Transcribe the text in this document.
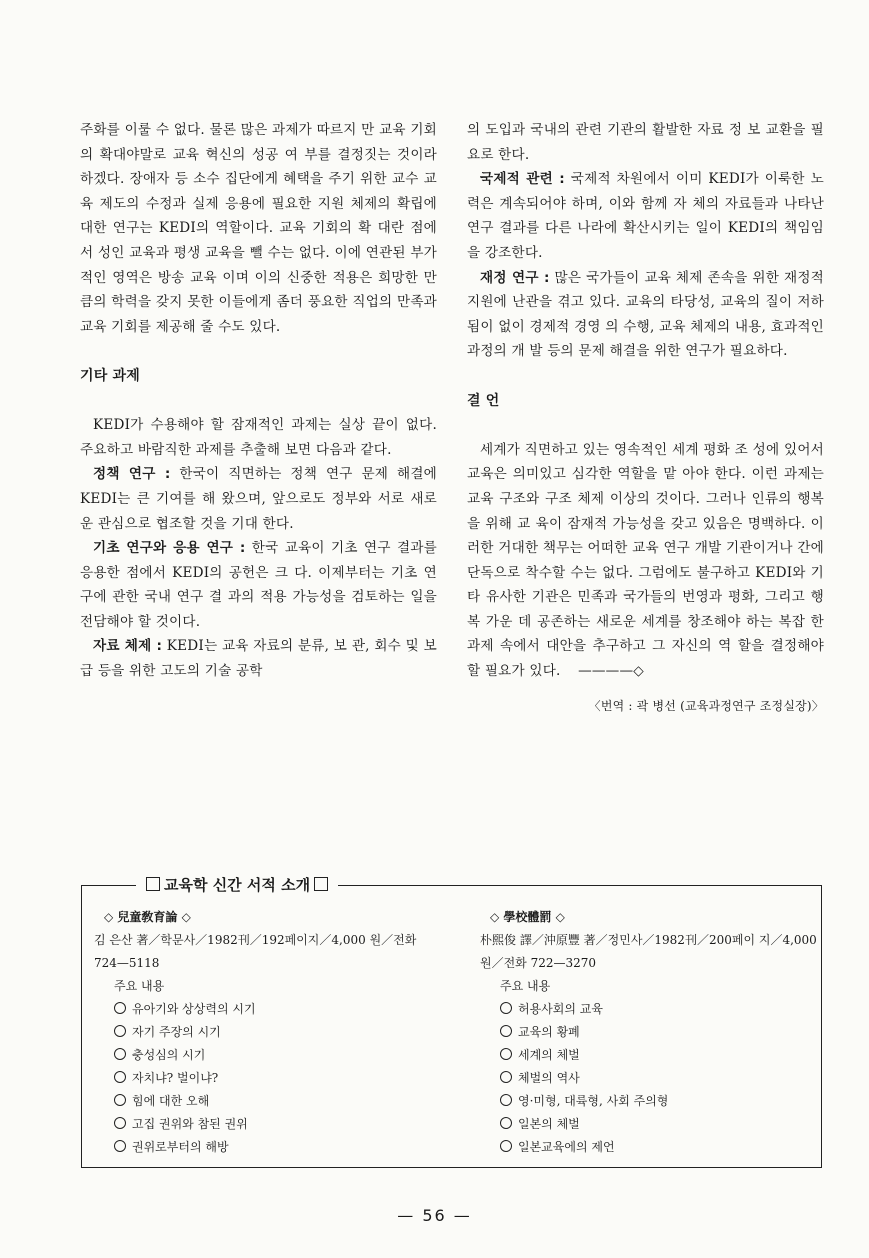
주화를 이룰 수 없다. 물론 많은 과제가 따르지 만 교육 기회의 확대야말로 교육 혁신의 성공 여 부를 결정짓는 것이라 하겠다. 장애자 등 소수 집단에게 혜택을 주기 위한 교수 교육 제도의 수정과 실제 응용에 필요한 지원 체제의 확립에 대한 연구는 KEDI의 역할이다. 교육 기회의 확 대란 점에서 성인 교육과 평생 교육을 뺄 수는 없다. 이에 연관된 부가적인 영역은 방송 교육 이며 이의 신중한 적용은 희망한 만큼의 학력을 갖지 못한 이들에게 좀더 풍요한 직업의 만족과 교육 기회를 제공해 줄 수도 있다.

기타 과제

KEDI가 수용해야 할 잠재적인 과제는 실상 끝이 없다. 주요하고 바람직한 과제를 추출해 보면 다음과 같다.

정책 연구 : 한국이 직면하는 정책 연구 문제 해결에 KEDI는 큰 기여를 해 왔으며, 앞으로도 정부와 서로 새로운 관심으로 협조할 것을 기대 한다.

기초 연구와 응용 연구 : 한국 교육이 기초 연구 결과를 응용한 점에서 KEDI의 공헌은 크 다. 이제부터는 기초 연구에 관한 국내 연구 결 과의 적용 가능성을 검토하는 일을 전담해야 할 것이다.

자료 체제 : KEDI는 교육 자료의 분류, 보 관, 회수 및 보급 등을 위한 고도의 기술 공학

의 도입과 국내의 관련 기관의 활발한 자료 정 보 교환을 필요로 한다.

국제적 관련 : 국제적 차원에서 이미 KEDI가 이룩한 노력은 계속되어야 하며, 이와 함께 자 체의 자료들과 나타난 연구 결과를 다른 나라에 확산시키는 일이 KEDI의 책임임을 강조한다.

재정 연구 : 많은 국가들이 교육 체제 존속을 위한 재정적 지원에 난관을 겪고 있다. 교육의 타당성, 교육의 질이 저하됨이 없이 경제적 경영 의 수행, 교육 체제의 내용, 효과적인 과정의 개 발 등의 문제 해결을 위한 연구가 필요하다.

결 언

세계가 직면하고 있는 영속적인 세계 평화 조 성에 있어서 교육은 의미있고 심각한 역할을 맡 아야 한다. 이런 과제는 교육 구조와 구조 체제 이상의 것이다. 그러나 인류의 행복을 위해 교 육이 잠재적 가능성을 갖고 있음은 명백하다. 이러한 거대한 책무는 어떠한 교육 연구 개발 기관이거나 간에 단독으로 착수할 수는 없다. 그럼에도 불구하고 KEDI와 기타 유사한 기관은 민족과 국가들의 번영과 평화, 그리고 행복 가운 데 공존하는 새로운 세계를 창조해야 하는 복잡 한 과제 속에서 대안을 추구하고 그 자신의 역 할을 결정해야 할 필요가 있다. ————◇

〈번역 : 곽 병선 (교육과정연구 조정실장)〉

교육학 신간 서적 소개
◇ 兒童敎育論 ◇
김 은산 著／학문사／1982刊／192페이지／4,000 원／전화 724—5118
주요 내용
유아기와 상상력의 시기
자기 주장의 시기
충성심의 시기
자치냐? 벌이냐?
힘에 대한 오해
고집 권위와 참된 권위
권위로부터의 해방
◇ 學校體罰 ◇
朴熙俊 譯／沖原豐 著／정민사／1982刊／200페이 지／4,000원／전화 722—3270
주요 내용
허용사회의 교육
교육의 황폐
세계의 체벌
체벌의 역사
영·미형, 대륙형, 사회 주의형
일본의 체벌
일본교육에의 제언
— 56 —
